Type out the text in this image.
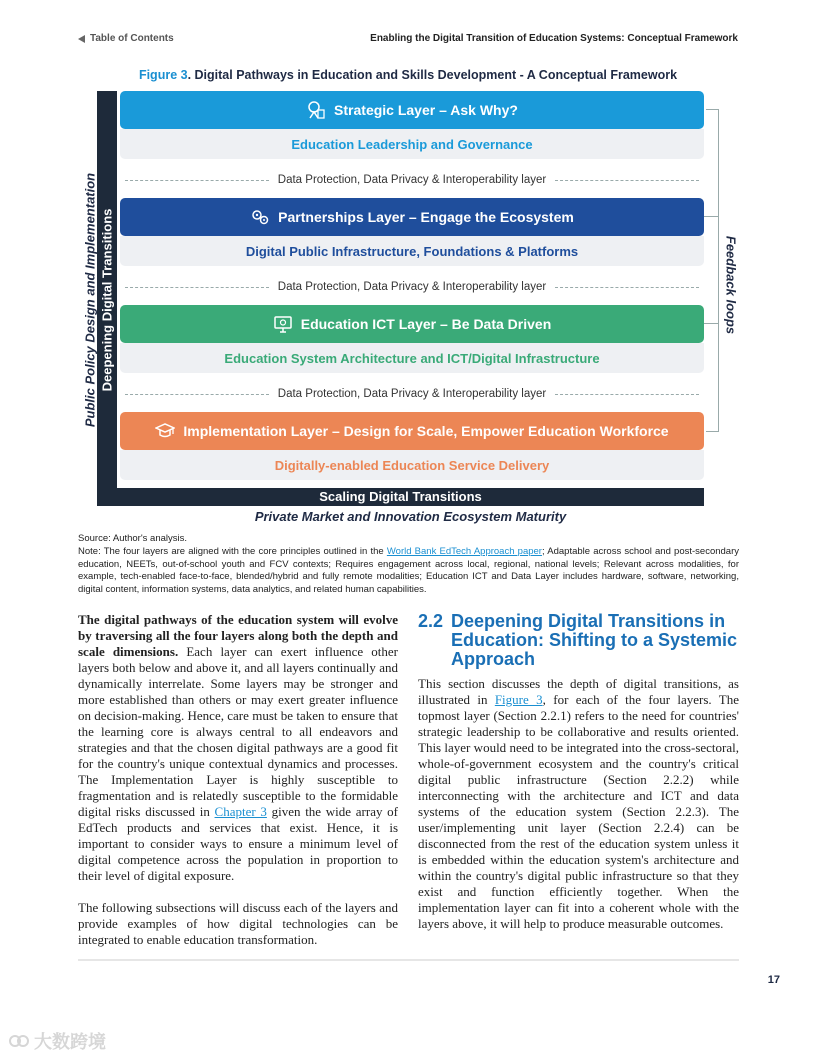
Table of Contents	Enabling the Digital Transition of Education Systems: Conceptual Framework
Figure 3. Digital Pathways in Education and Skills Development - A Conceptual Framework
Public Policy Design and Implementation Deepening Digital Transitions
Strategic Layer – Ask Why?
Education Leadership and Governance
Data Protection, Data Privacy & Interoperability layer
Partnerships Layer – Engage the Ecosystem
Digital Public Infrastructure, Foundations & Platforms
Data Protection, Data Privacy & Interoperability layer
Education ICT Layer – Be Data Driven
Education System Architecture and ICT/Digital Infrastructure
Data Protection, Data Privacy & Interoperability layer
Implementation Layer – Design for Scale, Empower Education Workforce
Digitally-enabled Education Service Delivery
Scaling Digital Transitions
Private Market and Innovation Ecosystem Maturity
Feedback loops
Source: Author's analysis.
Note: The four layers are aligned with the core principles outlined in the World Bank EdTech Approach paper; Adaptable across school and post-secondary education, NEETs, out-of-school youth and FCV contexts; Requires engagement across local, regional, national levels; Relevant across modalities, for example, tech-enabled face-to-face, blended/hybrid and fully remote modalities; Education ICT and Data Layer includes hardware, software, networking, digital content, information systems, data analytics, and related human capabilities.

The digital pathways of the education system will evolve by traversing all the four layers along both the depth and scale dimensions. Each layer can exert influence other layers both below and above it, and all layers continually and dynamically interrelate. Some layers may be stronger and more established than others or may exert greater influence on decision-making. Hence, care must be taken to ensure that the learning core is always central to all endeavors and strategies and that the chosen digital pathways are a good fit for the country's unique contextual dynamics and processes. The Implementation Layer is highly susceptible to fragmentation and is relatedly susceptible to the formidable digital risks discussed in Chapter 3 given the wide array of EdTech products and services that exist. Hence, it is important to consider ways to ensure a minimum level of digital competence across the population in proportion to their level of digital exposure.

The following subsections will discuss each of the layers and provide examples of how digital technologies can be integrated to enable education transformation.

2.2 Deepening Digital Transitions in Education: Shifting to a Systemic Approach

This section discusses the depth of digital transitions, as illustrated in Figure 3, for each of the four layers. The topmost layer (Section 2.2.1) refers to the need for countries' strategic leadership to be collaborative and results oriented. This layer would need to be integrated into the cross-sectoral, whole-of-government ecosystem and the country's critical digital public infrastructure (Section 2.2.2) while interconnecting with the architecture and ICT and data systems of the education system (Section 2.2.3). The user/implementing unit layer (Section 2.2.4) can be disconnected from the rest of the education system unless it is embedded within the education system's architecture and within the country's digital public infrastructure so that they exist and function efficiently together. When the implementation layer can fit into a coherent whole with the layers above, it will help to produce measurable outcomes.

17
大数跨境
